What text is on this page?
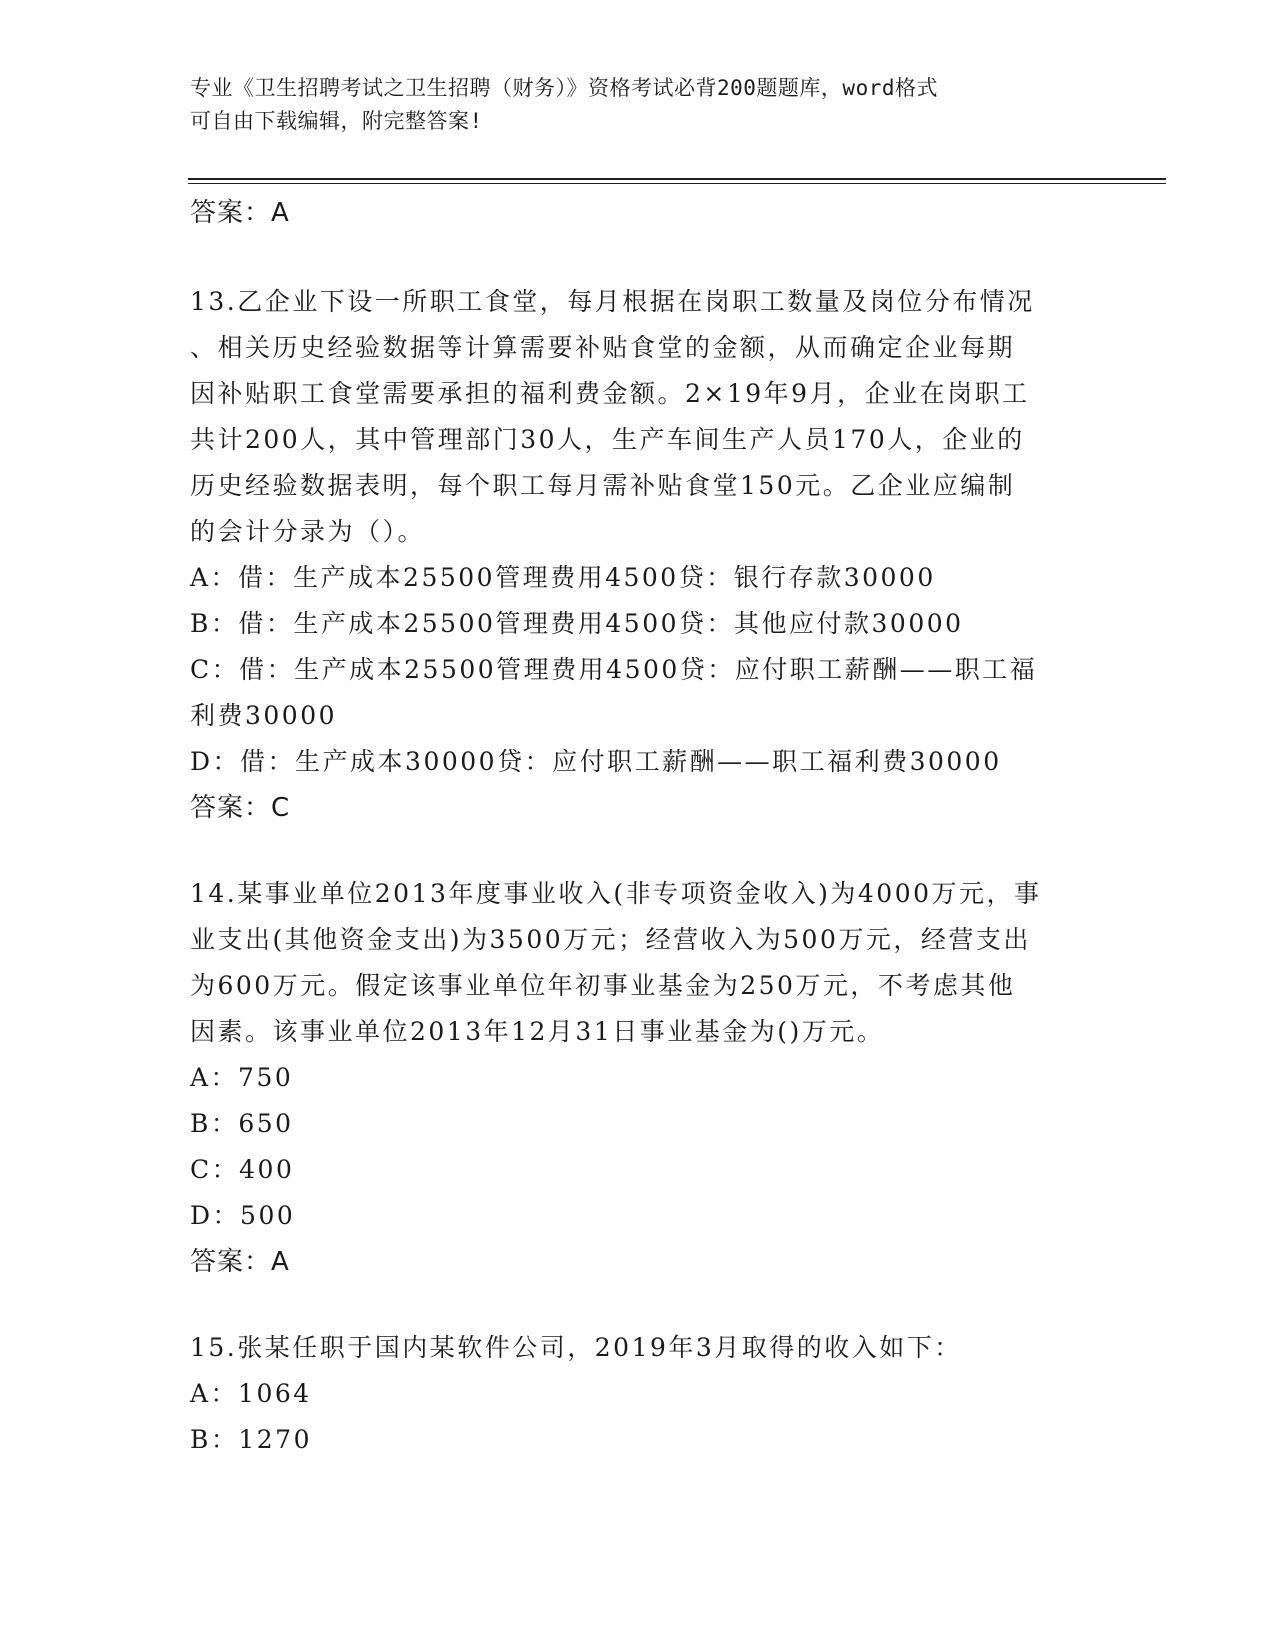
专业《卫生招聘考试之卫生招聘（财务）》资格考试必背200题题库，word格式
可自由下载编辑，附完整答案!
答案：A
13.乙企业下设一所职工食堂，每月根据在岗职工数量及岗位分布情况
、相关历史经验数据等计算需要补贴食堂的金额，从而确定企业每期
因补贴职工食堂需要承担的福利费金额。2×19年9月，企业在岗职工
共计200人，其中管理部门30人，生产车间生产人员170人，企业的
历史经验数据表明，每个职工每月需补贴食堂150元。乙企业应编制
的会计分录为（）。
A：借：生产成本25500管理费用4500贷：银行存款30000
B：借：生产成本25500管理费用4500贷：其他应付款30000
C：借：生产成本25500管理费用4500贷：应付职工薪酬——职工福
利费30000
D：借：生产成本30000贷：应付职工薪酬——职工福利费30000
答案：C
14.某事业单位2013年度事业收入(非专项资金收入)为4000万元，事
业支出(其他资金支出)为3500万元；经营收入为500万元，经营支出
为600万元。假定该事业单位年初事业基金为250万元，不考虑其他
因素。该事业单位2013年12月31日事业基金为()万元。
A：750
B：650
C：400
D：500
答案：A
15.张某任职于国内某软件公司，2019年3月取得的收入如下：
A：1064
B：1270
